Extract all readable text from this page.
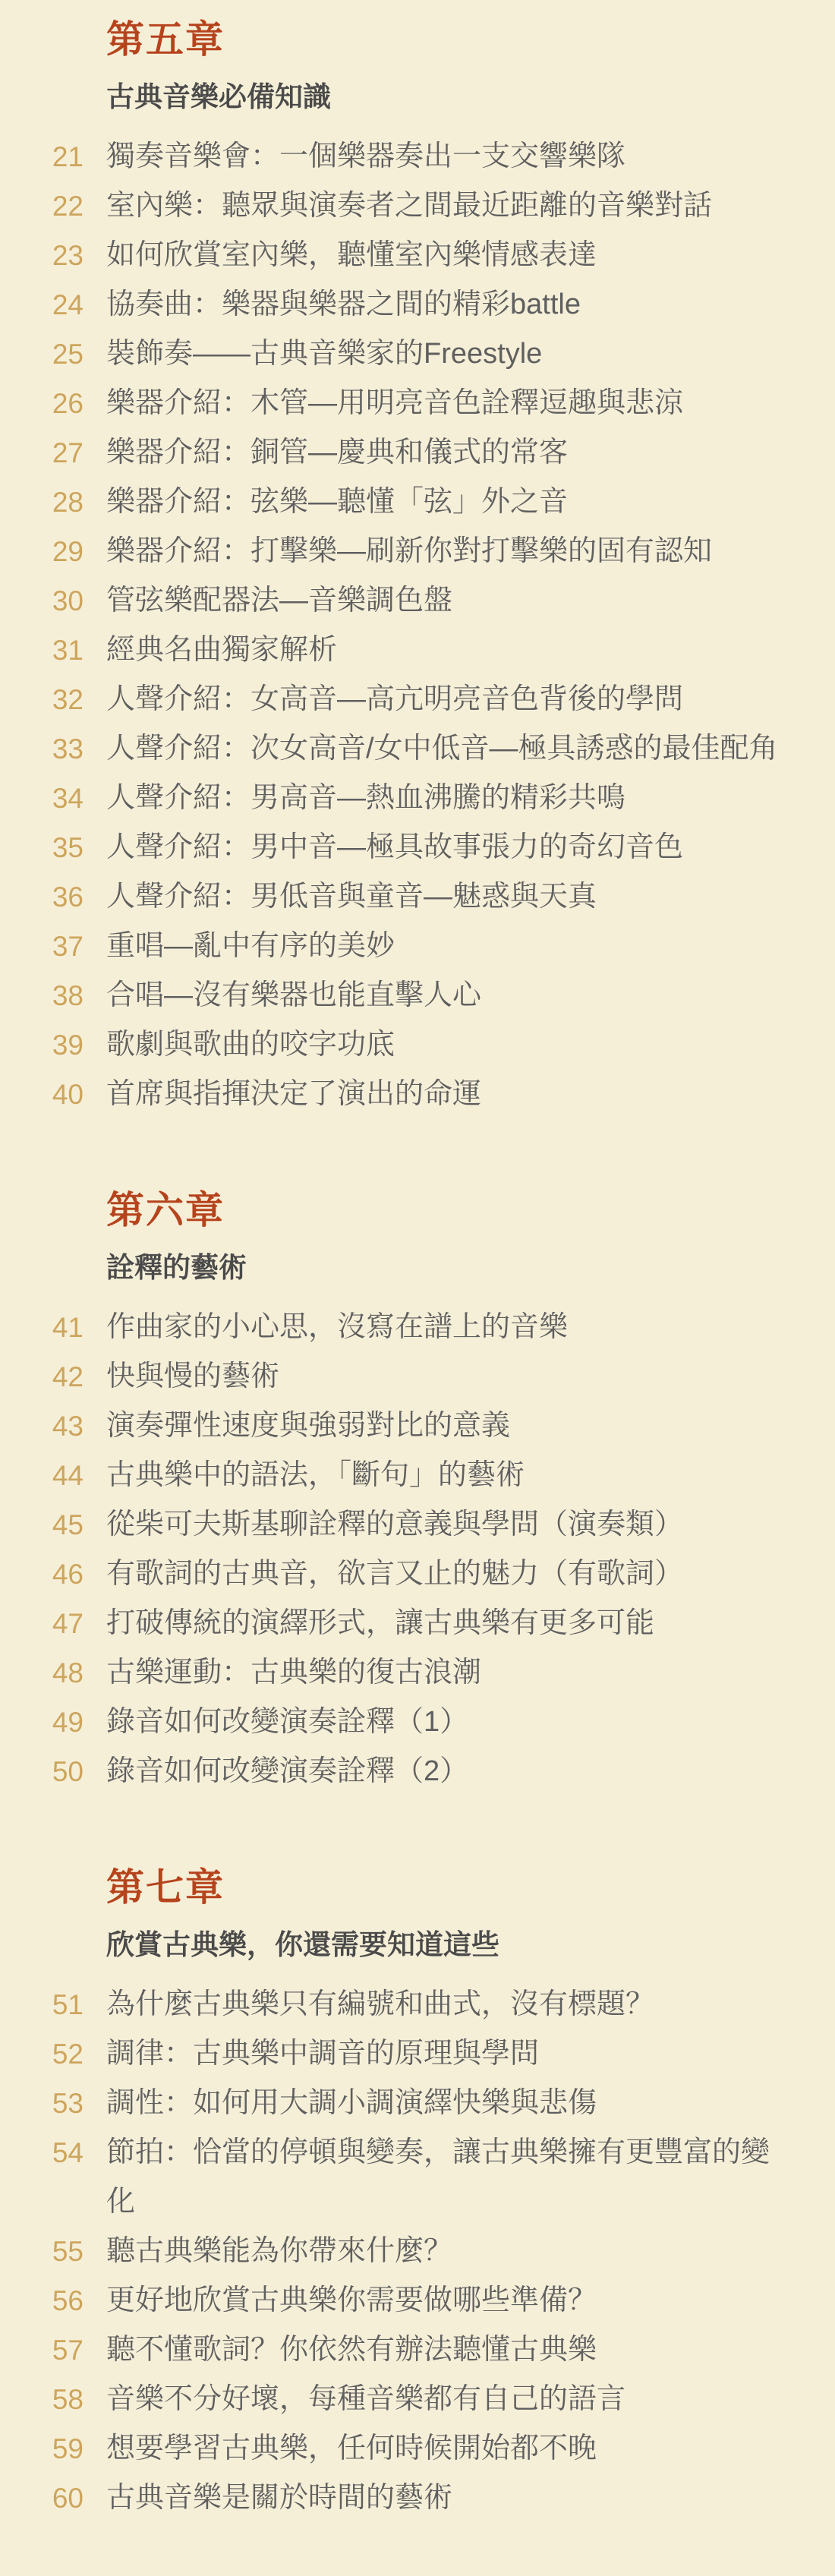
第五章
古典音樂必備知識
21 獨奏音樂會：一個樂器奏出一支交響樂隊
22 室內樂：聽眾與演奏者之間最近距離的音樂對話
23 如何欣賞室內樂，聽懂室內樂情感表達
24 協奏曲：樂器與樂器之間的精彩battle
25 裝飾奏——古典音樂家的Freestyle
26 樂器介紹：木管—用明亮音色詮釋逗趣與悲涼
27 樂器介紹：銅管—慶典和儀式的常客
28 樂器介紹：弦樂—聽懂「弦」外之音
29 樂器介紹：打擊樂—刷新你對打擊樂的固有認知
30 管弦樂配器法—音樂調色盤
31 經典名曲獨家解析
32 人聲介紹：女高音—高亢明亮音色背後的學問
33 人聲介紹：次女高音/女中低音—極具誘惑的最佳配角
34 人聲介紹：男高音—熱血沸騰的精彩共鳴
35 人聲介紹：男中音—極具故事張力的奇幻音色
36 人聲介紹：男低音與童音—魅惑與天真
37 重唱—亂中有序的美妙
38 合唱—沒有樂器也能直擊人心
39 歌劇與歌曲的咬字功底
40 首席與指揮決定了演出的命運
第六章
詮釋的藝術
41 作曲家的小心思，沒寫在譜上的音樂
42 快與慢的藝術
43 演奏彈性速度與強弱對比的意義
44 古典樂中的語法，「斷句」的藝術
45 從柴可夫斯基聊詮釋的意義與學問（演奏類）
46 有歌詞的古典音，欲言又止的魅力（有歌詞）
47 打破傳統的演繹形式，讓古典樂有更多可能
48 古樂運動：古典樂的復古浪潮
49 錄音如何改變演奏詮釋（1）
50 錄音如何改變演奏詮釋（2）
第七章
欣賞古典樂，你還需要知道這些
51 為什麼古典樂只有編號和曲式，沒有標題？
52 調律：古典樂中調音的原理與學問
53 調性：如何用大調小調演繹快樂與悲傷
54 節拍：恰當的停頓與變奏，讓古典樂擁有更豐富的變化
55 聽古典樂能為你帶來什麼？
56 更好地欣賞古典樂你需要做哪些準備？
57 聽不懂歌詞？你依然有辦法聽懂古典樂
58 音樂不分好壞，每種音樂都有自己的語言
59 想要學習古典樂，任何時候開始都不晚
60 古典音樂是關於時間的藝術
